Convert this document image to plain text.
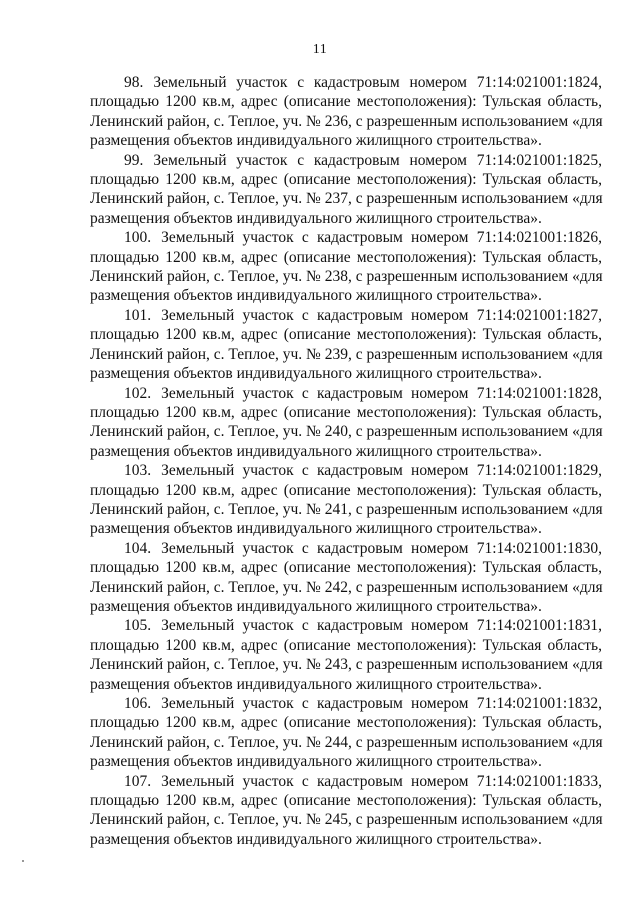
11

98. Земельный участок с кадастровым номером 71:14:021001:1824,
площадью 1200 кв.м, адрес (описание местоположения): Тульская область,
Ленинский район, с. Теплое, уч. № 236, с разрешенным использованием «для
размещения объектов индивидуального жилищного строительства».

99. Земельный участок с кадастровым номером 71:14:021001:1825,
площадью 1200 кв.м, адрес (описание местоположения): Тульская область,
Ленинский район, с. Теплое, уч. № 237, с разрешенным использованием «для
размещения объектов индивидуального жилищного строительства».

100. Земельный участок с кадастровым номером 71:14:021001:1826,
площадью 1200 кв.м, адрес (описание местоположения): Тульская область,
Ленинский район, с. Теплое, уч. № 238, с разрешенным использованием «для
размещения объектов индивидуального жилищного строительства».

101. Земельный участок с кадастровым номером 71:14:021001:1827,
площадью 1200 кв.м, адрес (описание местоположения): Тульская область,
Ленинский район, с. Теплое, уч. № 239, с разрешенным использованием «для
размещения объектов индивидуального жилищного строительства».

102. Земельный участок с кадастровым номером 71:14:021001:1828,
площадью 1200 кв.м, адрес (описание местоположения): Тульская область,
Ленинский район, с. Теплое, уч. № 240, с разрешенным использованием «для
размещения объектов индивидуального жилищного строительства».

103. Земельный участок с кадастровым номером 71:14:021001:1829,
площадью 1200 кв.м, адрес (описание местоположения): Тульская область,
Ленинский район, с. Теплое, уч. № 241, с разрешенным использованием «для
размещения объектов индивидуального жилищного строительства».

104. Земельный участок с кадастровым номером 71:14:021001:1830,
площадью 1200 кв.м, адрес (описание местоположения): Тульская область,
Ленинский район, с. Теплое, уч. № 242, с разрешенным использованием «для
размещения объектов индивидуального жилищного строительства».

105. Земельный участок с кадастровым номером 71:14:021001:1831,
площадью 1200 кв.м, адрес (описание местоположения): Тульская область,
Ленинский район, с. Теплое, уч. № 243, с разрешенным использованием «для
размещения объектов индивидуального жилищного строительства».

106. Земельный участок с кадастровым номером 71:14:021001:1832,
площадью 1200 кв.м, адрес (описание местоположения): Тульская область,
Ленинский район, с. Теплое, уч. № 244, с разрешенным использованием «для
размещения объектов индивидуального жилищного строительства».

107. Земельный участок с кадастровым номером 71:14:021001:1833,
площадью 1200 кв.м, адрес (описание местоположения): Тульская область,
Ленинский район, с. Теплое, уч. № 245, с разрешенным использованием «для
размещения объектов индивидуального жилищного строительства».
